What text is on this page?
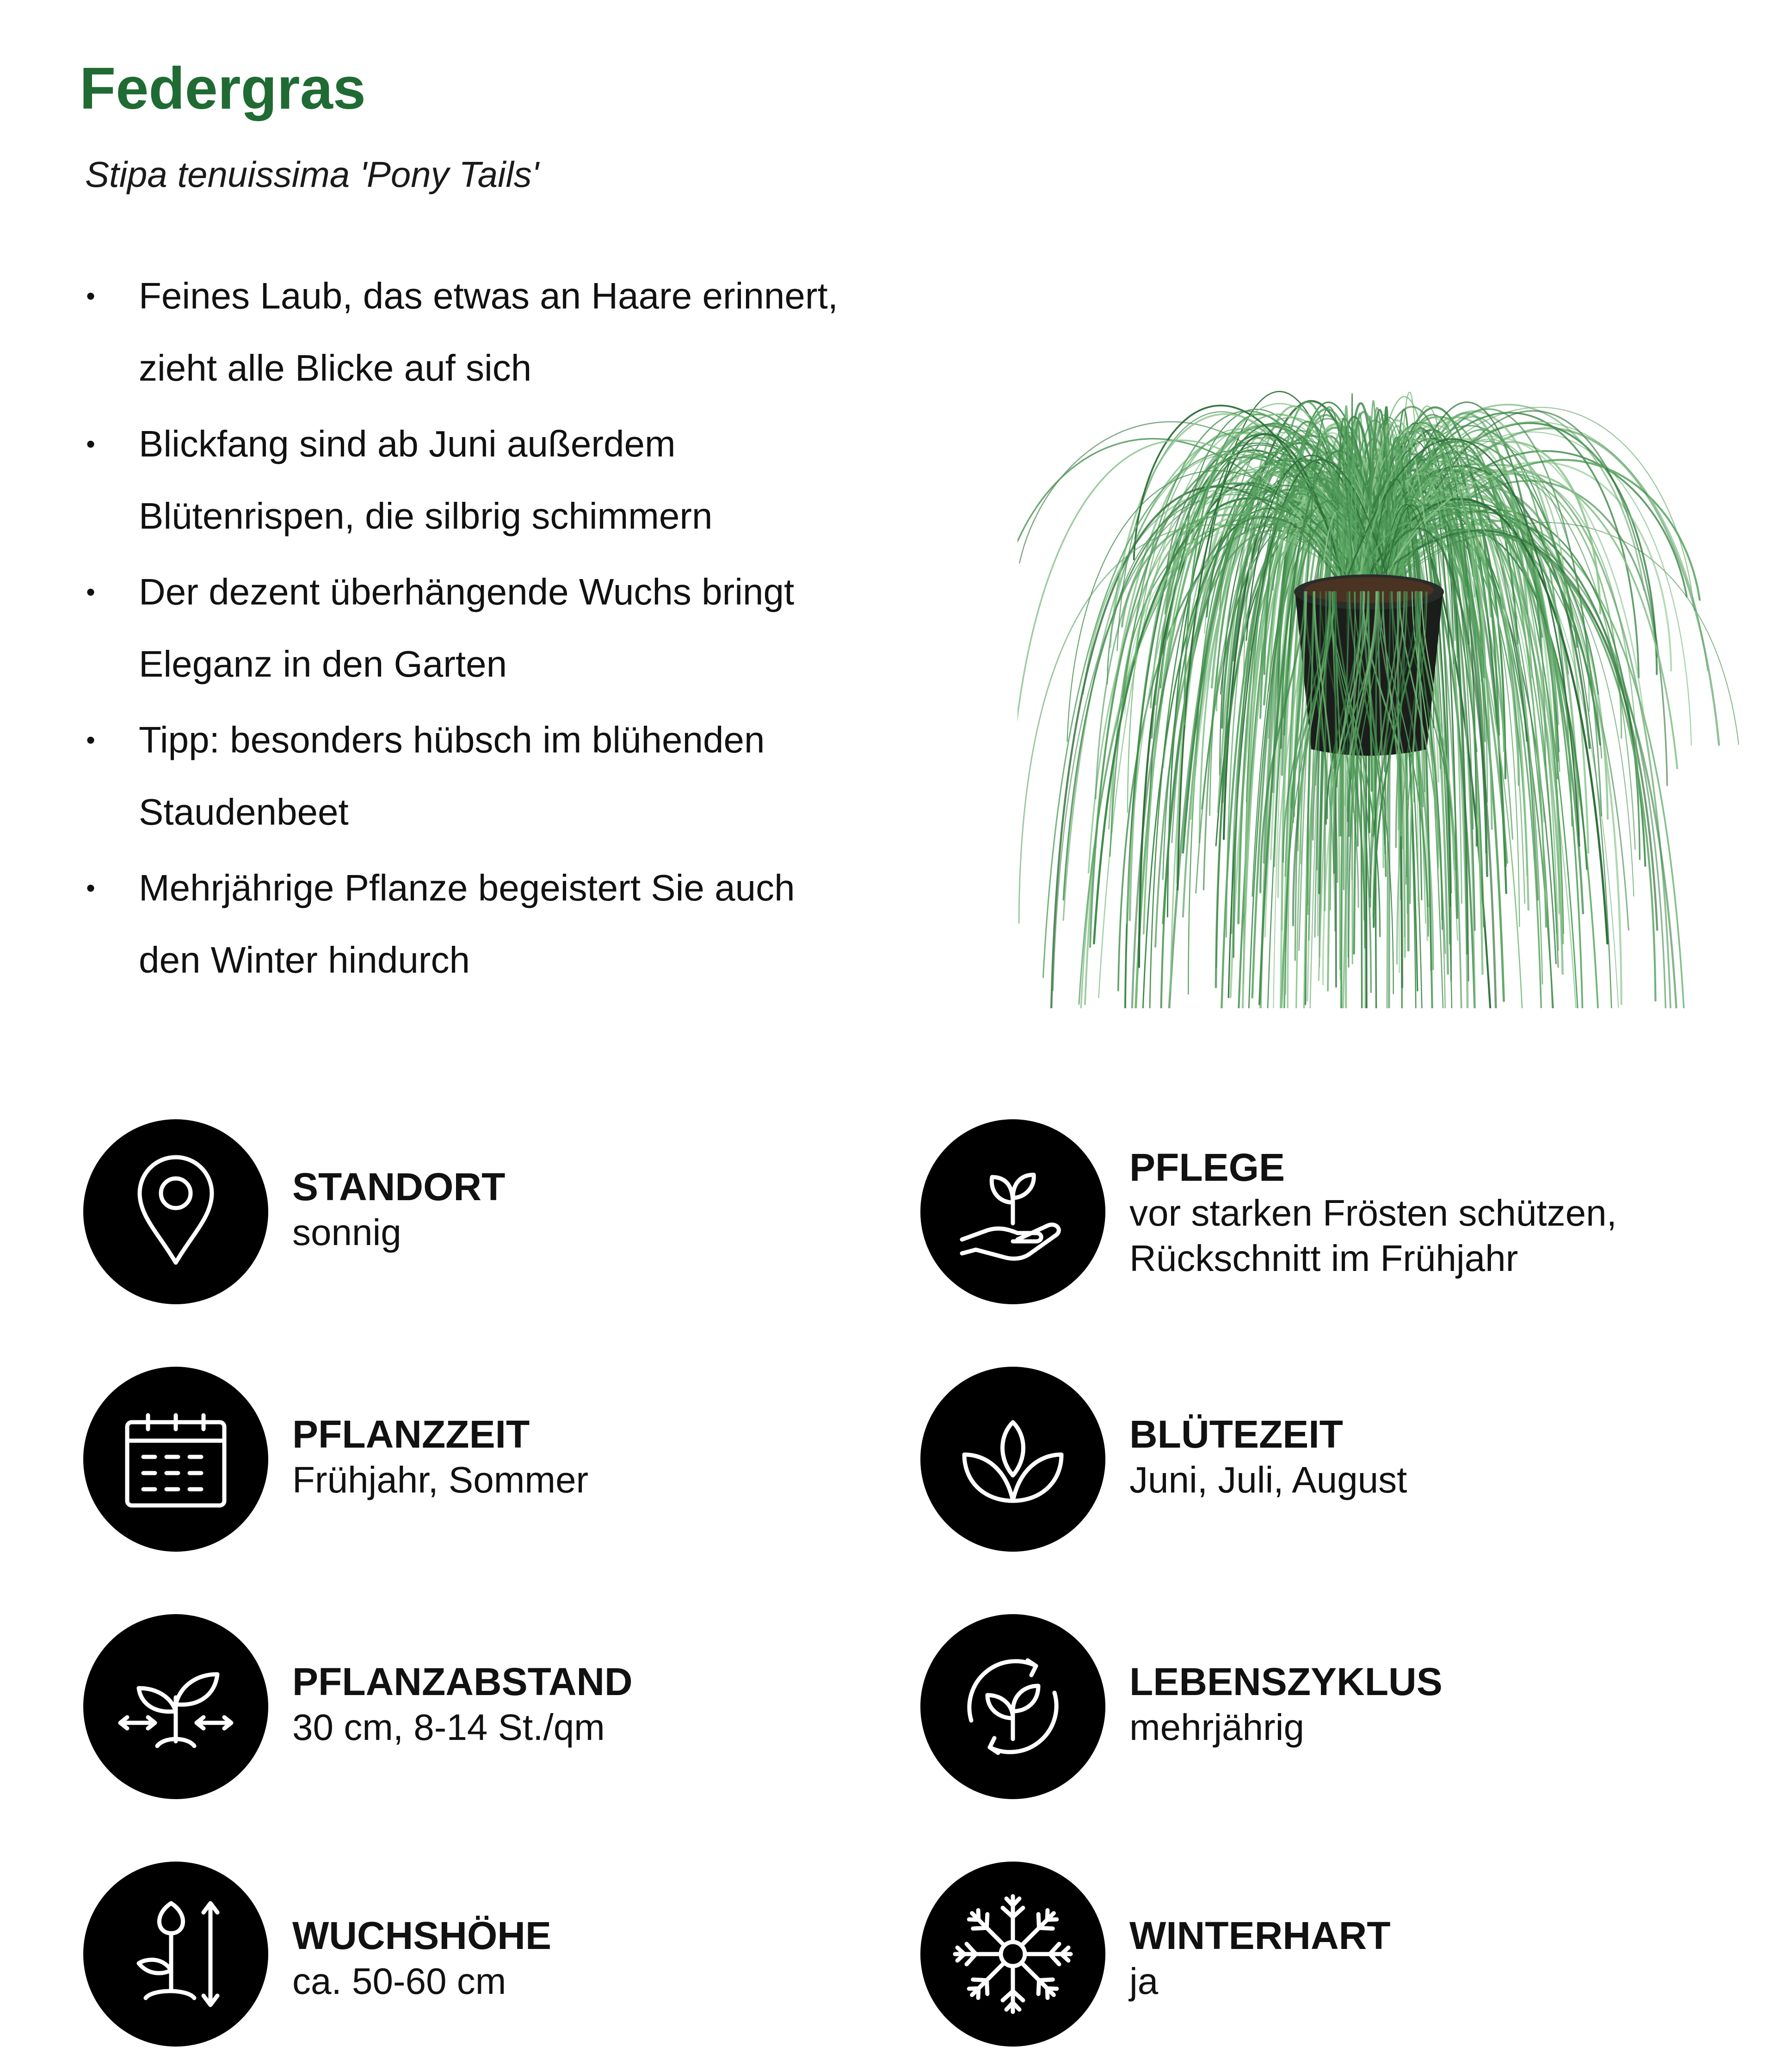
Federgras

Stipa tenuissima 'Pony Tails'

• Feines Laub, das etwas an Haare erinnert,
zieht alle Blicke auf sich
• Blickfang sind ab Juni außerdem
Blütenrispen, die silbrig schimmern
• Der dezent überhängende Wuchs bringt
Eleganz in den Garten
• Tipp: besonders hübsch im blühenden
Staudenbeet
• Mehrjährige Pflanze begeistert Sie auch
den Winter hindurch
STANDORT
sonnig
PFLEGE
vor starken Frösten schützen,
Rückschnitt im Frühjahr
PFLANZZEIT
Frühjahr, Sommer
BLÜTEZEIT
Juni, Juli, August
PFLANZABSTAND
30 cm, 8-14 St./qm
LEBENSZYKLUS
mehrjährig
WUCHSHÖHE
ca. 50-60 cm
WINTERHART
ja
